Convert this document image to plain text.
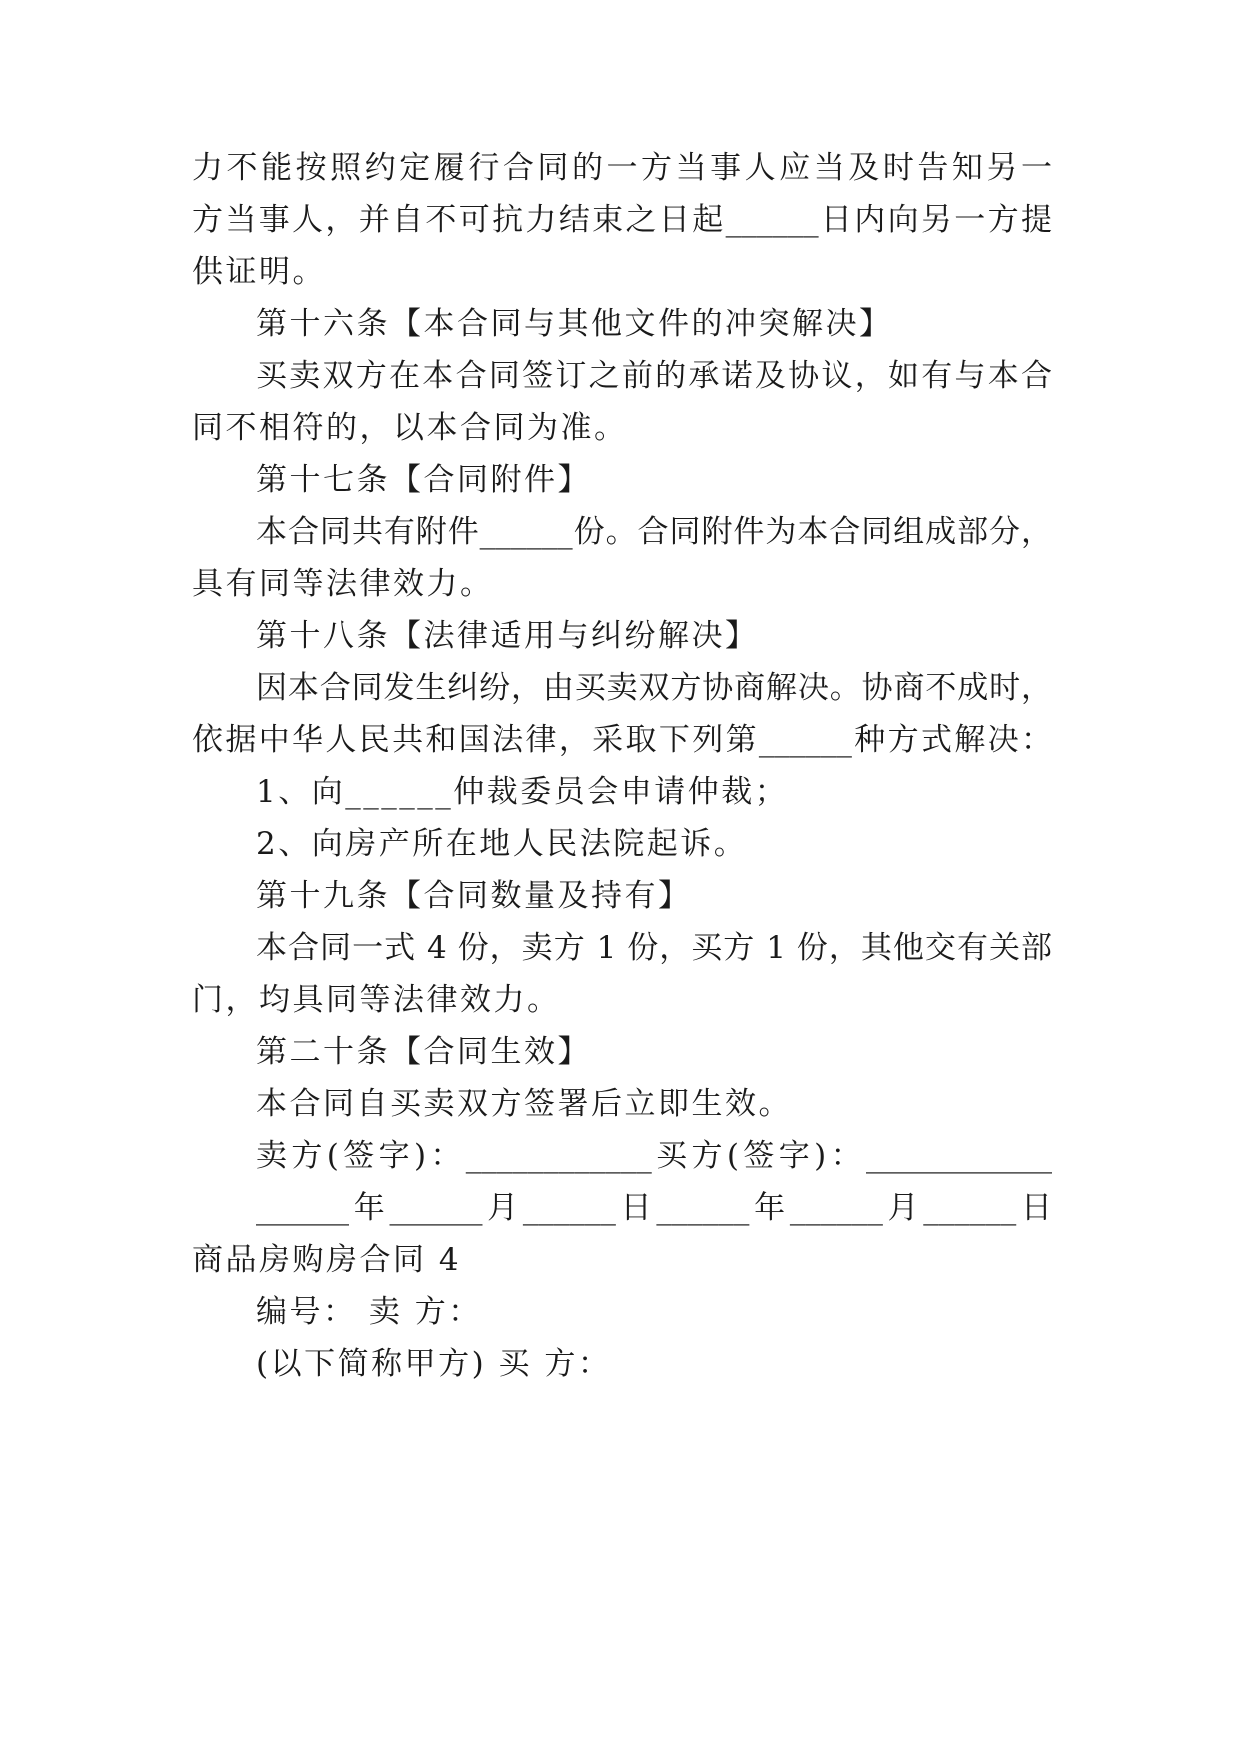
力不能按照约定履行合同的一方当事人应当及时告知另一
方当事人，并自不可抗力结束之日起______日内向另一方提
供证明。
第十六条【本合同与其他文件的冲突解决】
买卖双方在本合同签订之前的承诺及协议，如有与本合
同不相符的，以本合同为准。
第十七条【合同附件】
本合同共有附件______份。合同附件为本合同组成部分，
具有同等法律效力。
第十八条【法律适用与纠纷解决】
因本合同发生纠纷，由买卖双方协商解决。协商不成时，
依据中华人民共和国法律，采取下列第______种方式解决：
1、向______仲裁委员会申请仲裁；
2、向房产所在地人民法院起诉。
第十九条【合同数量及持有】
本合同一式 4 份，卖方 1 份，买方 1 份，其他交有关部
门，均具同等法律效力。
第二十条【合同生效】
本合同自买卖双方签署后立即生效。
卖方(签字)：____________买方(签字)：____________
______年______月______日______年______月______日
商品房购房合同 4
编号： 卖 方：
(以下简称甲方) 买 方：
